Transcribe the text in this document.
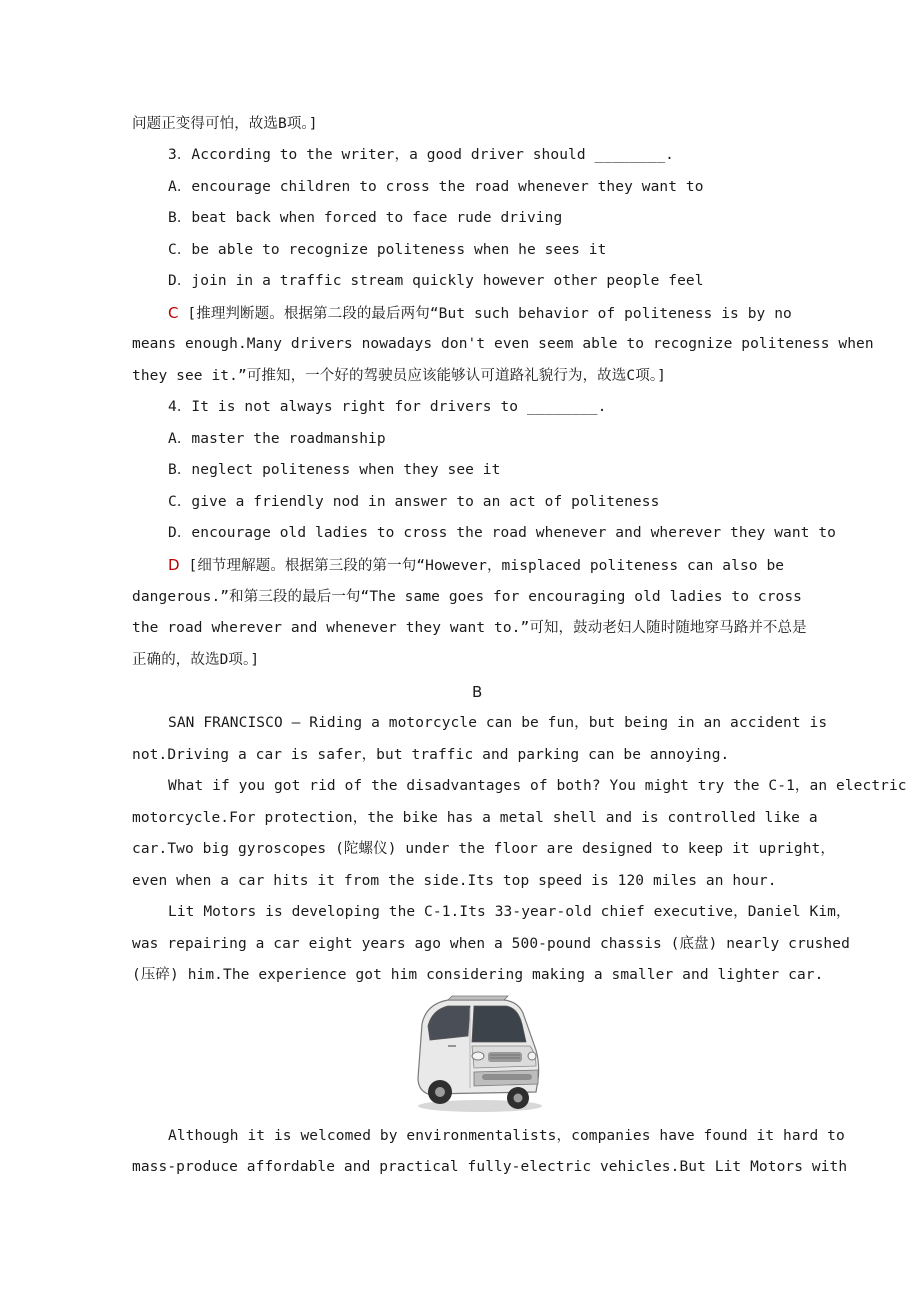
问题正变得可怕，故选B项。]
3．According to the writer，a good driver should ________.
A．encourage children to cross the road whenever they want to
B．beat back when forced to face rude driving
C．be able to recognize politeness when he sees it
D．join in a traffic stream quickly however other people feel
C [推理判断题。根据第二段的最后两句“But such behavior of politeness is by no
means enough.Many drivers nowadays don't even seem able to recognize politeness when
they see it.”可推知，一个好的驾驶员应该能够认可道路礼貌行为，故选C项。]
4．It is not always right for drivers to ________.
A．master the roadmanship
B．neglect politeness when they see it
C．give a friendly nod in answer to an act of politeness
D．encourage old ladies to cross the road whenever and wherever they want to
D [细节理解题。根据第三段的第一句“However，misplaced politeness can also be
dangerous.”和第三段的最后一句“The same goes for encouraging old ladies to cross
the road wherever and whenever they want to.”可知，鼓动老妇人随时随地穿马路并不总是
正确的，故选D项。]
B
SAN FRANCISCO — Riding a motorcycle can be fun，but being in an accident is
not.Driving a car is safer，but traffic and parking can be annoying.
What if you got rid of the disadvantages of both? You might try the C-1，an electric
motorcycle.For protection，the bike has a metal shell and is controlled like a
car.Two big gyroscopes (陀螺仪) under the floor are designed to keep it upright，
even when a car hits it from the side.Its top speed is 120 miles an hour.
Lit Motors is developing the C-1.Its 33-year-old chief executive，Daniel Kim，
was repairing a car eight years ago when a 500-pound chassis (底盘) nearly crushed
(压碎) him.The experience got him considering making a smaller and lighter car.
Although it is welcomed by environmentalists，companies have found it hard to
mass-produce affordable and practical fully-electric vehicles.But Lit Motors with
